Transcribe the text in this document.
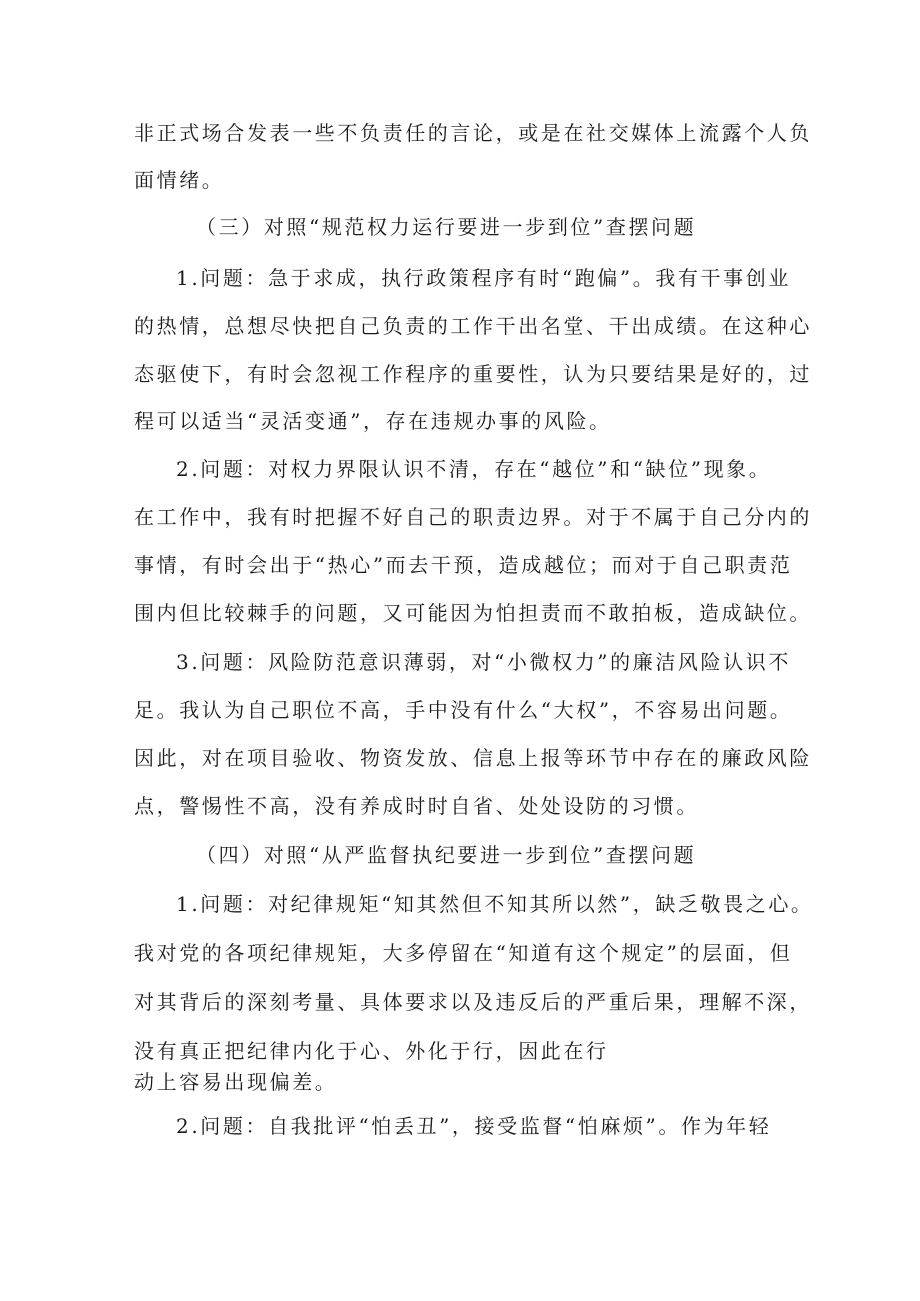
非正式场合发表一些不负责任的言论，或是在社交媒体上流露个人负
面情绪。
（三）对照“规范权力运行要进一步到位”查摆问题
1.问题：急于求成，执行政策程序有时“跑偏”。我有干事创业
的热情，总想尽快把自己负责的工作干出名堂、干出成绩。在这种心
态驱使下，有时会忽视工作程序的重要性，认为只要结果是好的，过
程可以适当“灵活变通”，存在违规办事的风险。
2.问题：对权力界限认识不清，存在“越位”和“缺位”现象。
在工作中，我有时把握不好自己的职责边界。对于不属于自己分内的
事情，有时会出于“热心”而去干预，造成越位；而对于自己职责范
围内但比较棘手的问题，又可能因为怕担责而不敢拍板，造成缺位。
3.问题：风险防范意识薄弱，对“小微权力”的廉洁风险认识不
足。我认为自己职位不高，手中没有什么“大权”，不容易出问题。
因此，对在项目验收、物资发放、信息上报等环节中存在的廉政风险
点，警惕性不高，没有养成时时自省、处处设防的习惯。
（四）对照“从严监督执纪要进一步到位”查摆问题
1.问题：对纪律规矩“知其然但不知其所以然”，缺乏敬畏之心。
我对党的各项纪律规矩，大多停留在“知道有这个规定”的层面，但
对其背后的深刻考量、具体要求以及违反后的严重后果，理解不深，
没有真正把纪律内化于心、外化于行，因此在行
动上容易出现偏差。
2.问题：自我批评“怕丢丑”，接受监督“怕麻烦”。作为年轻
